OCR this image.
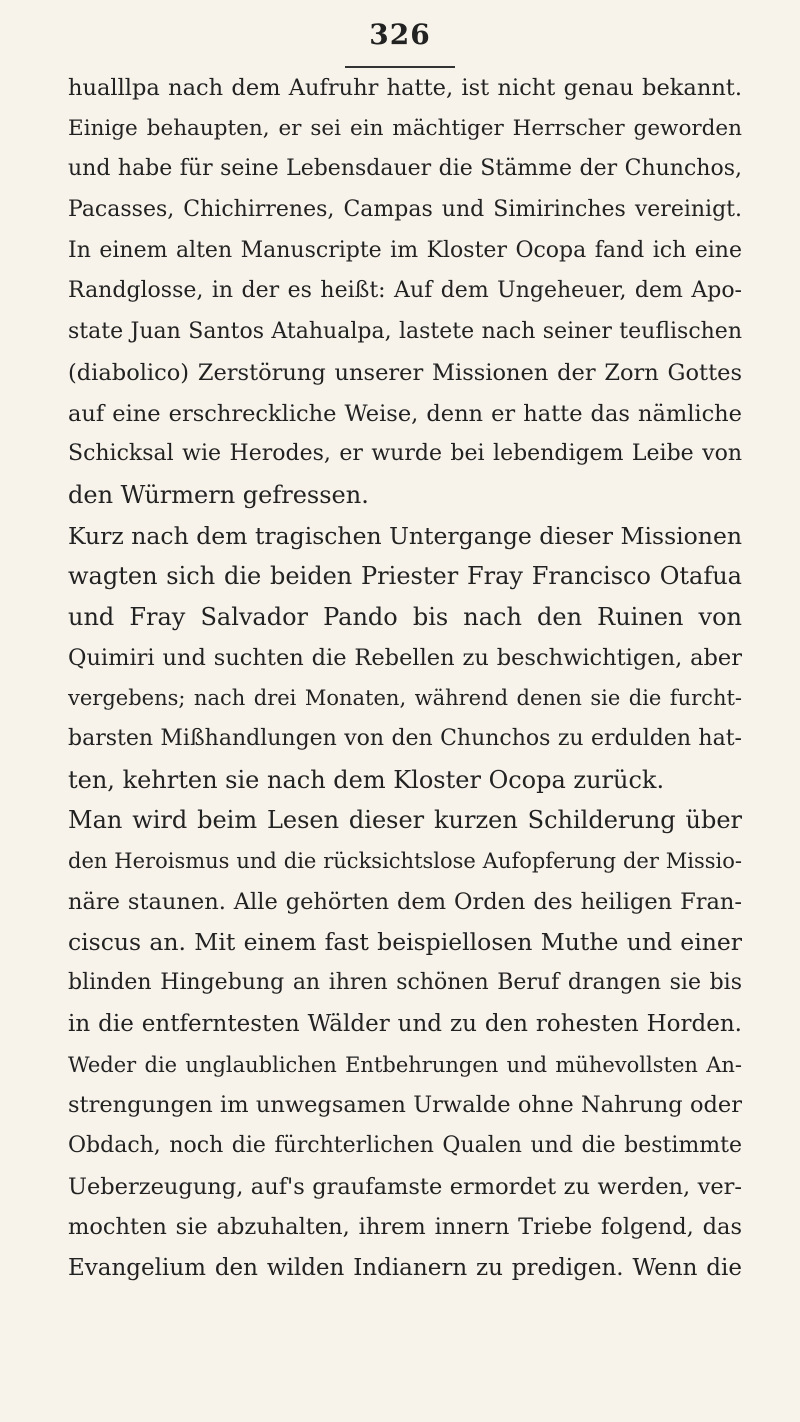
326
hualllpa nach dem Aufruhr hatte, ist nicht genau bekannt.
Einige behaupten, er sei ein mächtiger Herrscher geworden
und habe für seine Lebensdauer die Stämme der Chunchos,
Pacasses, Chichirrenes, Campas und Simirinches vereinigt.
In einem alten Manuscripte im Kloster Ocopa fand ich eine
Randglosse, in der es heißt: Auf dem Ungeheuer, dem Apo-
state Juan Santos Atahualpa, lastete nach seiner teuflischen
(diabolico) Zerstörung unserer Missionen der Zorn Gottes
auf eine erschreckliche Weise, denn er hatte das nämliche
Schicksal wie Herodes, er wurde bei lebendigem Leibe von
den Würmern gefressen.
Kurz nach dem tragischen Untergange dieser Missionen
wagten sich die beiden Priester Fray Francisco Otafua
und Fray Salvador Pando bis nach den Ruinen von
Quimiri und suchten die Rebellen zu beschwichtigen, aber
vergebens; nach drei Monaten, während denen sie die furcht-
barsten Mißhandlungen von den Chunchos zu erdulden hat-
ten, kehrten sie nach dem Kloster Ocopa zurück.
Man wird beim Lesen dieser kurzen Schilderung über
den Heroismus und die rücksichtslose Aufopferung der Missio-
näre staunen. Alle gehörten dem Orden des heiligen Fran-
ciscus an. Mit einem fast beispiellosen Muthe und einer
blinden Hingebung an ihren schönen Beruf drangen sie bis
in die entferntesten Wälder und zu den rohesten Horden.
Weder die unglaublichen Entbehrungen und mühevollsten An-
strengungen im unwegsamen Urwalde ohne Nahrung oder
Obdach, noch die fürchterlichen Qualen und die bestimmte
Ueberzeugung, auf's graufamste ermordet zu werden, ver-
mochten sie abzuhalten, ihrem innern Triebe folgend, das
Evangelium den wilden Indianern zu predigen. Wenn die
